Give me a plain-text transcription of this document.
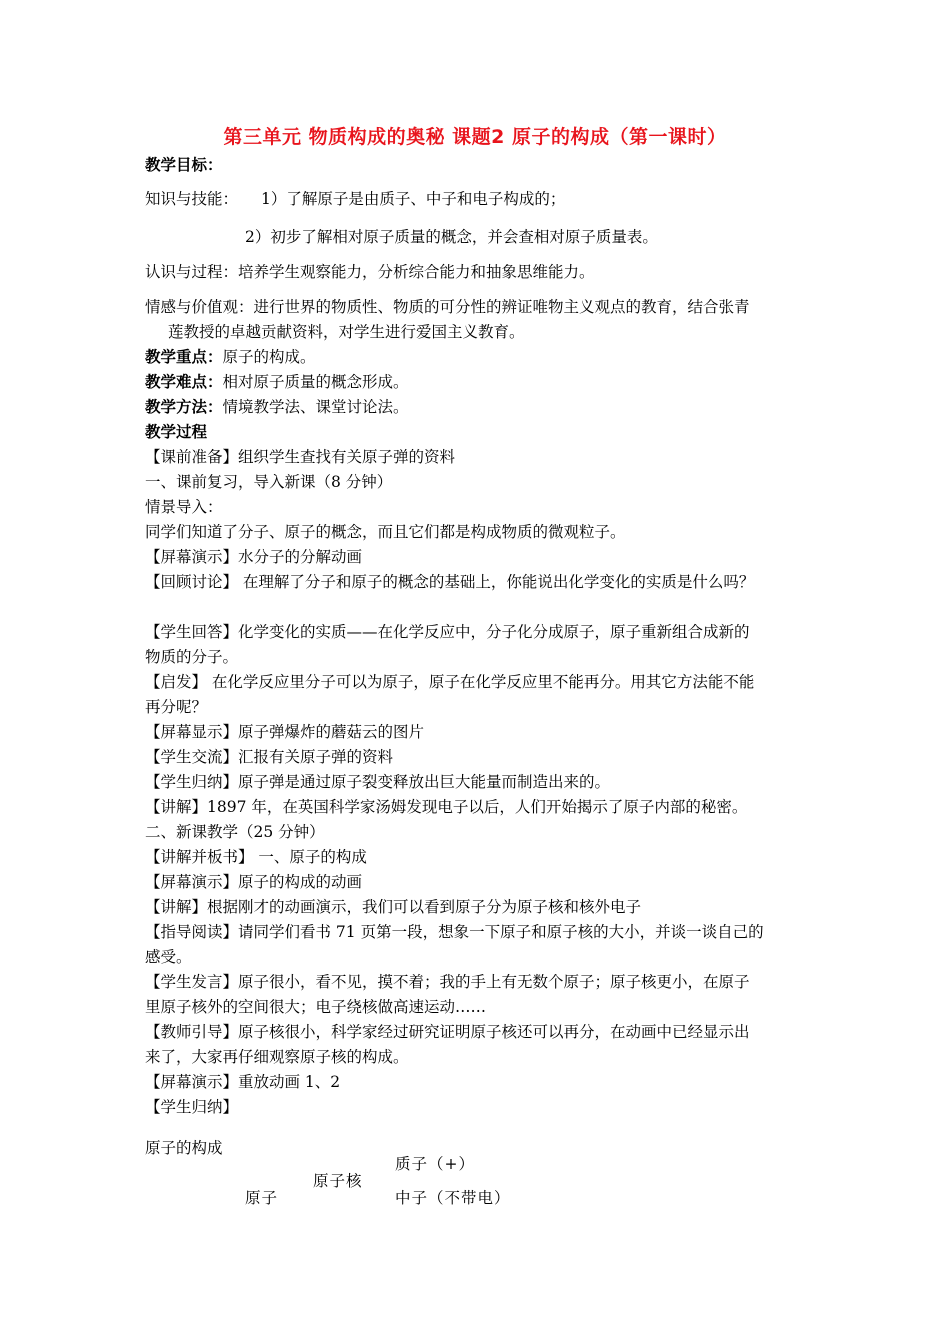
第三单元 物质构成的奥秘 课题2 原子的构成（第一课时）
教学目标：
知识与技能： 1）了解原子是由质子、中子和电子构成的；
2）初步了解相对原子质量的概念，并会查相对原子质量表。
认识与过程：培养学生观察能力，分析综合能力和抽象思维能力。
情感与价值观：进行世界的物质性、物质的可分性的辨证唯物主义观点的教育，结合张青
莲教授的卓越贡献资料，对学生进行爱国主义教育。
教学重点：原子的构成。
教学难点：相对原子质量的概念形成。
教学方法：情境教学法、课堂讨论法。
教学过程
【课前准备】组织学生查找有关原子弹的资料
一、课前复习，导入新课（8 分钟）
情景导入：
同学们知道了分子、原子的概念，而且它们都是构成物质的微观粒子。
【屏幕演示】水分子的分解动画
【回顾讨论】 在理解了分子和原子的概念的基础上，你能说出化学变化的实质是什么吗？
【学生回答】化学变化的实质——在化学反应中，分子化分成原子，原子重新组合成新的
物质的分子。
【启发】 在化学反应里分子可以为原子，原子在化学反应里不能再分。用其它方法能不能
再分呢？
【屏幕显示】原子弹爆炸的蘑菇云的图片
【学生交流】汇报有关原子弹的资料
【学生归纳】原子弹是通过原子裂变释放出巨大能量而制造出来的。
【讲解】1897 年，在英国科学家汤姆发现电子以后，人们开始揭示了原子内部的秘密。
二、新课教学（25 分钟）
【讲解并板书】 一、原子的构成
【屏幕演示】原子的构成的动画
【讲解】根据刚才的动画演示，我们可以看到原子分为原子核和核外电子
【指导阅读】请同学们看书 71 页第一段，想象一下原子和原子核的大小，并谈一谈自己的
感受。
【学生发言】原子很小，看不见，摸不着；我的手上有无数个原子；原子核更小，在原子
里原子核外的空间很大；电子绕核做高速运动……
【教师引导】原子核很小，科学家经过研究证明原子核还可以再分，在动画中已经显示出
来了，大家再仔细观察原子核的构成。
【屏幕演示】重放动画 1、2
【学生归纳】
原子的构成
质子（+）
原子核
原子	中子（不带电）
